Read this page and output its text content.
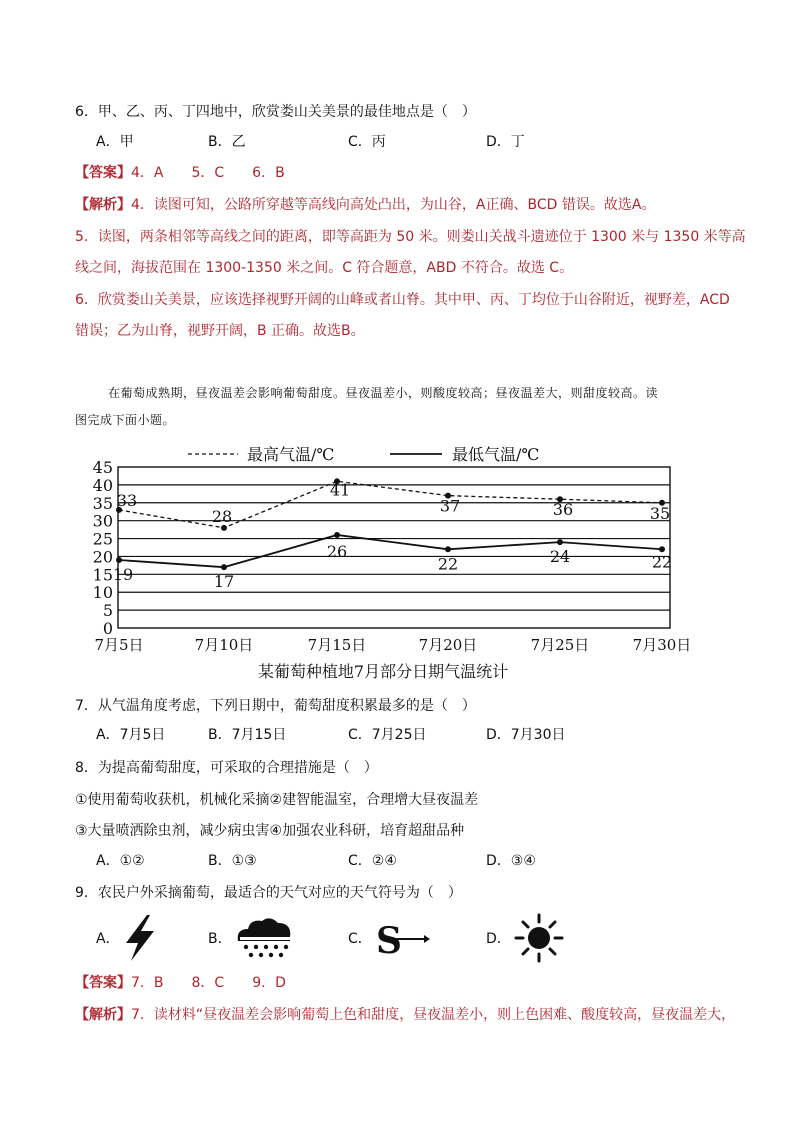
6．甲、乙、丙、丁四地中，欣赏娄山关美景的最佳地点是（　）
A．甲	B．乙	C．丙	D．丁
【答案】4．A　　5．C　　6．B
【解析】4．读图可知，公路所穿越等高线向高处凸出，为山谷，A正确、BCD 错误。故选A。
5．读图，两条相邻等高线之间的距离，即等高距为 50 米。则娄山关战斗遗迹位于 1300 米与 1350 米等高
线之间，海拔范围在 1300-1350 米之间。C 符合题意，ABD 不符合。故选 C。
6．欣赏娄山关美景，应该选择视野开阔的山峰或者山脊。其中甲、丙、丁均位于山谷附近，视野差，ACD
错误；乙为山脊，视野开阔，B 正确。故选B。
在葡萄成熟期，昼夜温差会影响葡萄甜度。昼夜温差小，则酸度较高；昼夜温差大，则甜度较高。读
图完成下面小题。
最高气温/℃	最低气温/℃
0
5
10
15
20
25
30
35
40
45
7月5日	7月10日	7月15日	7月20日	7月25日	7月30日
33
28
41
37	36	35
19	17
26
22	24	22
某葡萄种植地7月部分日期气温统计
7．从气温角度考虑，下列日期中，葡萄甜度积累最多的是（　）
A．7月5日	B．7月15日	C．7月25日	D．7月30日
8．为提高葡萄甜度，可采取的合理措施是（　）
①使用葡萄收获机，机械化采摘②建智能温室，合理增大昼夜温差
③大量喷洒除虫剂，减少病虫害④加强农业科研，培育超甜品种
A．①②	B．①③	C．②④	D．③④
9．农民户外采摘葡萄，最适合的天气对应的天气符号为（　）
A．	B．	C． S	D．
【答案】7．B　　8．C　　9．D
【解析】7．读材料“昼夜温差会影响葡萄上色和甜度，昼夜温差小，则上色困难、酸度较高，昼夜温差大，
